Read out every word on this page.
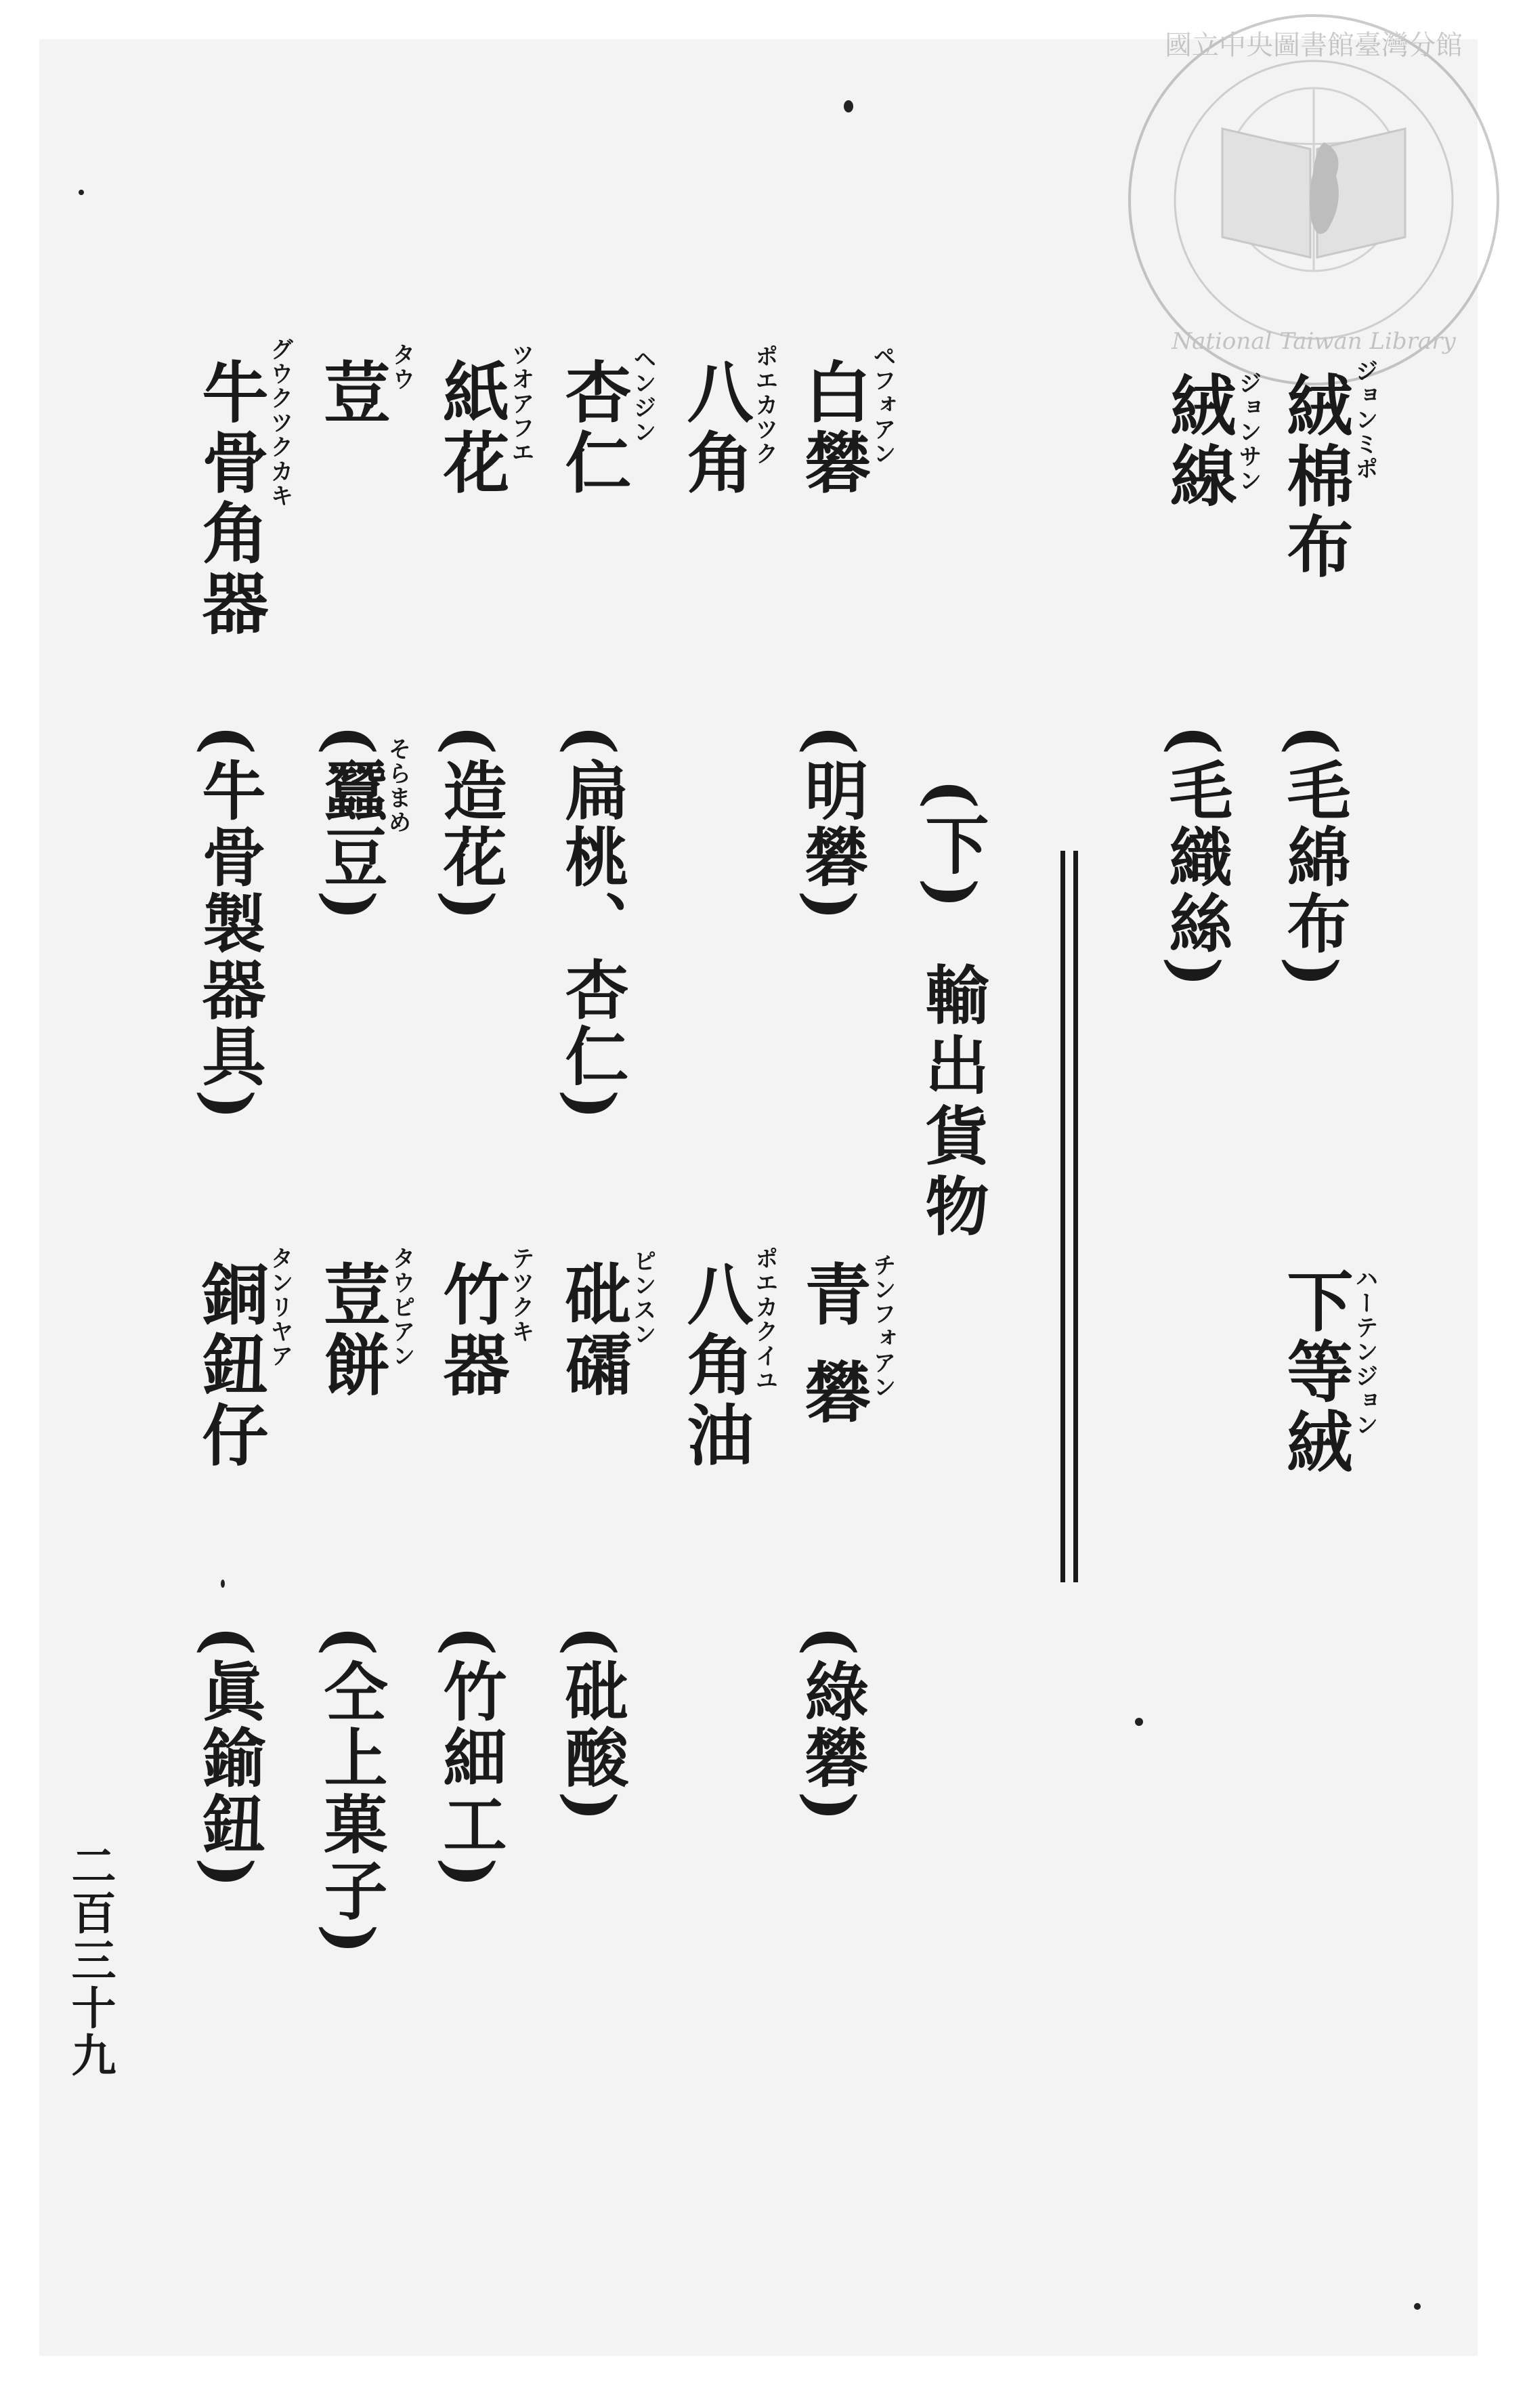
國立中央圖書館臺灣分館
National Taiwan Library
絨棉布
ジョンミポ
絨線
ジョンサン
白礬
ペフォアン
八角
ポエカツク
杏仁
ヘンジン
紙花
ツオアフエ
荳
タウ
牛骨角器
グウクツクカキ
(毛綿布)
(毛織絲)
(明礬)
(扁桃、杏仁)
(造花)
(蠶豆)
そらまめ
(牛骨製器具)	(下)
輸出貨物
下等絨
ハーテンジョン
青 礬
チンフォアン
八角油
ポエカクイユ
砒礵
ピンスン
竹器
テツクキ
荳餅
タウピアン
銅鈕仔
タンリヤア
(綠礬)
(砒酸)
(竹細工)
(仝上菓子)
(眞鍮鈕)
二百三十九
